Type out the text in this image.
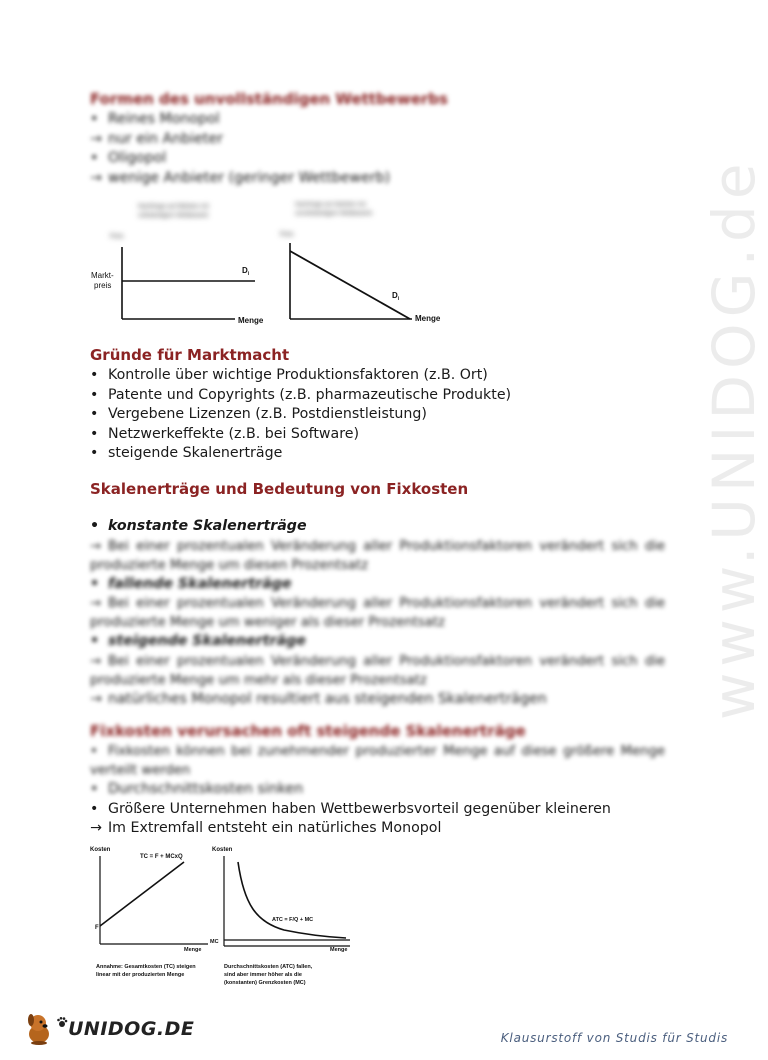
www.UNIDOG.de
Formen des unvollständigen Wettbewerbs
• Reines Monopol
→ nur ein Anbieter
• Oligopol
→ wenige Anbieter (geringer Wettbewerb)
Nachfrage auf Märkten mit
vollständigem Wettbewerb
Nachfrage auf Märkten mit
unvollständigem Wettbewerb
Preis	Preis
Markt-
preis
$D_i$
Menge
$D_i$
Menge
Gründe für Marktmacht
• Kontrolle über wichtige Produktionsfaktoren (z.B. Ort)
• Patente und Copyrights (z.B. pharmazeutische Produkte)
• Vergebene Lizenzen (z.B. Postdienstleistung)
• Netzwerkeffekte (z.B. bei Software)
• steigende Skalenerträge
Skalenerträge und Bedeutung von Fixkosten
• konstante Skalenerträge
→ Bei einer prozentualen Veränderung aller Produktionsfaktoren verändert sich die produzierte Menge um diesen Prozentsatz
• fallende Skalenerträge
→ Bei einer prozentualen Veränderung aller Produktionsfaktoren verändert sich die produzierte Menge um weniger als dieser Prozentsatz
• steigende Skalenerträge
→ Bei einer prozentualen Veränderung aller Produktionsfaktoren verändert sich die produzierte Menge um mehr als dieser Prozentsatz
→ natürliches Monopol resultiert aus steigenden Skalenerträgen
Fixkosten verursachen oft steigende Skalenerträge
• Fixkosten können bei zunehmender produzierter Menge auf diese größere Menge verteilt werden
• Durchschnittskosten sinken
• Größere Unternehmen haben Wettbewerbsvorteil gegenüber kleineren
→ Im Extremfall entsteht ein natürliches Monopol
Kosten
TC = F + MCxQ
F
Menge
Annahme: Gesamtkosten (TC) steigen
linear mit der produzierten Menge
Kosten
ATC = F/Q + MC
MC
Menge
Durchschnittskosten (ATC) fallen,
sind aber immer höher als die
(konstanten) Grenzkosten (MC)
UNIDOG.DE	Klausurstoff von Studis für Studis
